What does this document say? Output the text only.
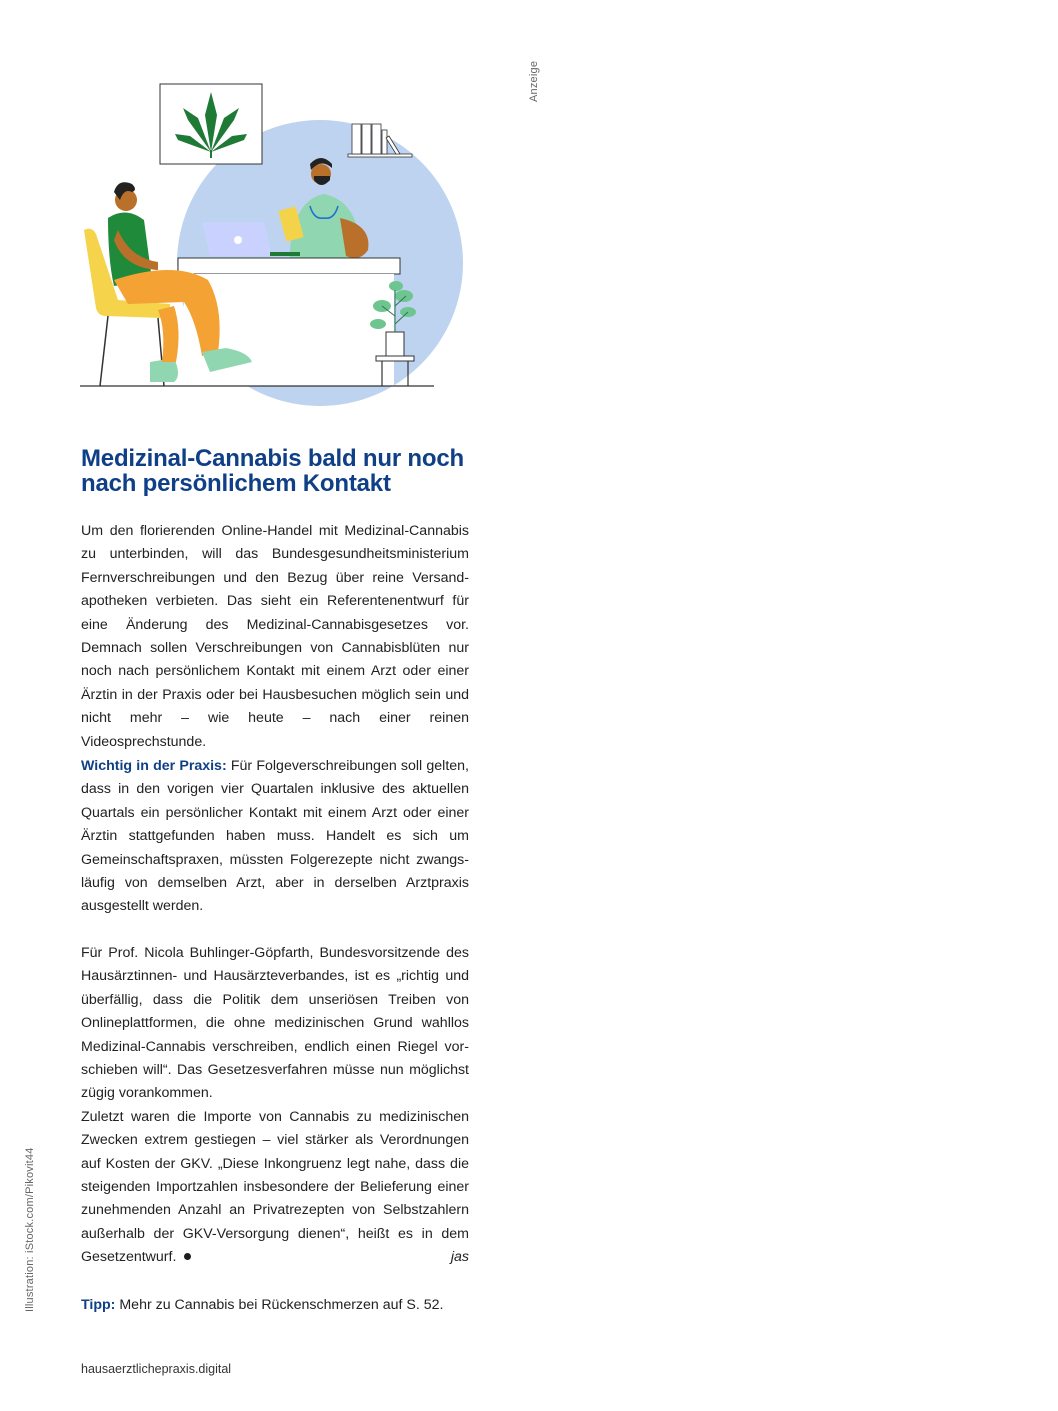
Anzeige
Illustration: iStock.com/Pikovit44
Medizinal-Cannabis bald nur noch nach persönlichem Kontakt

Um den florierenden Online-Handel mit Medizinal-Cannabis zu unterbinden, will das Bundesgesundheitsministerium Fernverschreibungen und den Bezug über reine Versandapotheken verbieten. Das sieht ein Referentenentwurf für eine Änderung des Medizinal-Cannabisgesetzes vor. Demnach sollen Verschreibungen von Cannabisblüten nur noch nach persönlichem Kontakt mit einem Arzt oder einer Ärztin in der Praxis oder bei Hausbesuchen möglich sein und nicht mehr – wie heute – nach einer reinen Videosprechstunde.

Wichtig in der Praxis: Für Folgeverschreibungen soll gelten, dass in den vorigen vier Quartalen inklusive des aktuellen Quartals ein persönlicher Kontakt mit einem Arzt oder einer Ärztin stattgefunden haben muss. Handelt es sich um Gemeinschaftspraxen, müssten Folgerezepte nicht zwangsläufig von demselben Arzt, aber in derselben Arztpraxis ausgestellt werden.

Für Prof. Nicola Buhlinger-Göpfarth, Bundesvorsitzende des Hausärztinnen- und Hausärzteverbandes, ist es „richtig und überfällig, dass die Politik dem unseriösen Treiben von Onlineplattformen, die ohne medizinischen Grund wahllos Medizinal-Cannabis verschreiben, endlich einen Riegel vorschieben will“. Das Gesetzesverfahren müsse nun möglichst zügig vorankommen.
Zuletzt waren die Importe von Cannabis zu medizinischen Zwecken extrem gestiegen – viel stärker als Verordnungen auf Kosten der GKV. „Diese Inkongruenz legt nahe, dass die steigenden Importzahlen insbesondere der Belieferung einer zunehmenden Anzahl an Privatrezepten von Selbstzahlern außerhalb der GKV-Versorgung dienen“, heißt es in dem Gesetzentwurf.	jas

Tipp: Mehr zu Cannabis bei Rückenschmerzen auf S. 52.

hausaerztlichepraxis.digital
